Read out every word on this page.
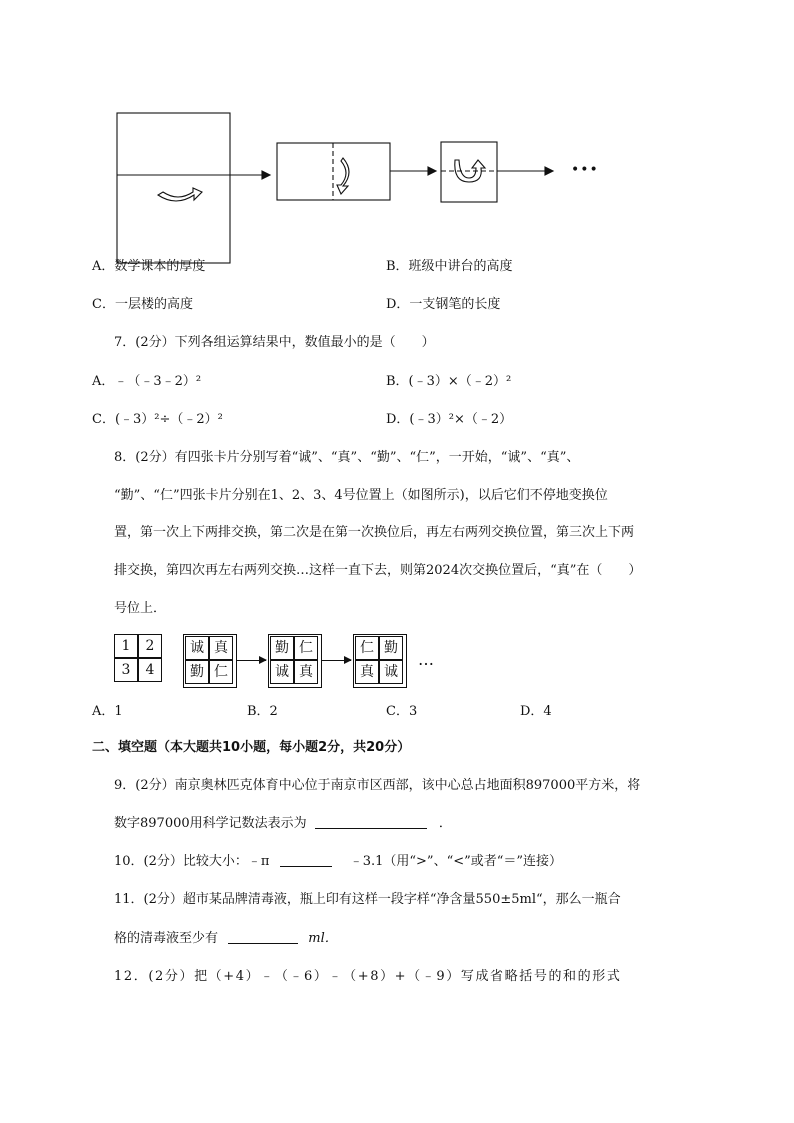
•••
A．数学课本的厚度	B．班级中讲台的高度
C．一层楼的高度	D．一支钢笔的长度
7．(2分）下列各组运算结果中，数值最小的是（　　）
A．﹣（﹣3﹣2）²	B．(﹣3）×（﹣2）²
C．(﹣3）²÷（﹣2）²	D．(﹣3）²×（﹣2）
8．(2分）有四张卡片分别写着“诚”、“真”、“勤”、“仁”，一开始，“诚”、“真”、
“勤”、“仁”四张卡片分别在1、2、3、4号位置上（如图所示)，以后它们不停地变换位
置，第一次上下两排交换，第二次是在第一次换位后，再左右两列交换位置，第三次上下两
排交换，第四次再左右两列交换…这样一直下去，则第2024次交换位置后，“真”在（　　）
号位上．
1	2
3	4
诚 真
勤 仁
勤 仁
诚 真
仁 勤
真 诚
…
A．1	B．2	C．3	D．4
二、填空题（本大题共10小题，每小题2分，共20分）
9．(2分）南京奥林匹克体育中心位于南京市区西部，该中心总占地面积897000平方米，将
数字897000用科学记数法表示为	．
10．(2分）比较大小：﹣π	﹣3.1（用“>”、“<”或者“＝”连接）
11．(2分）超市某品牌清毒液，瓶上印有这样一段字样“净含量550±5ml“，那么一瓶合
格的清毒液至少有	ml．
12．(2分）把（+4）﹣（﹣6）﹣（+8）+（﹣9）写成省略括号的和的形式
